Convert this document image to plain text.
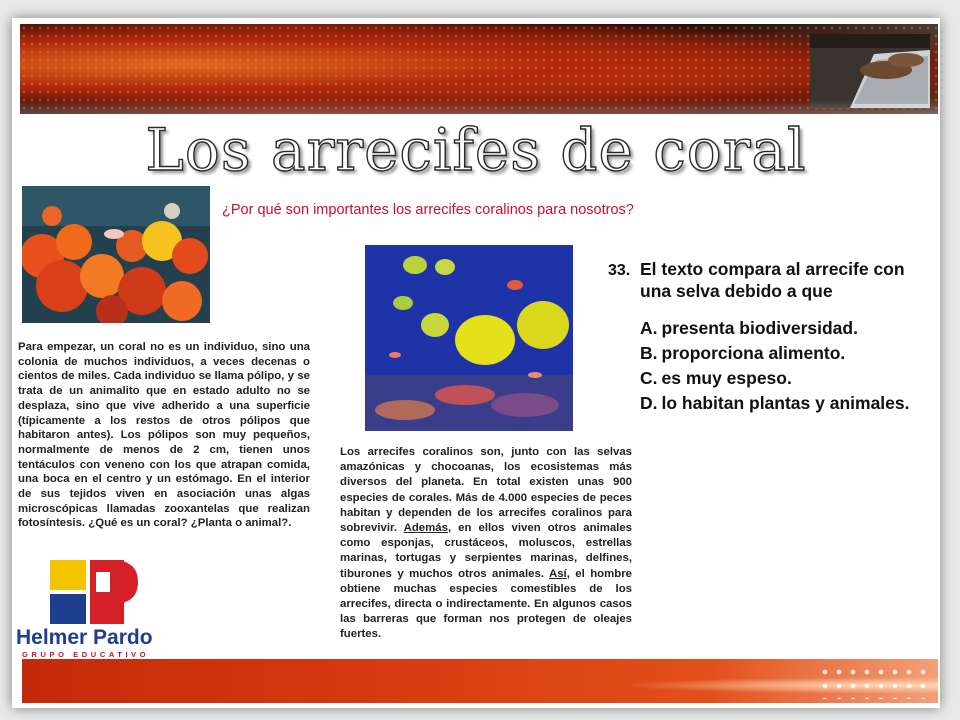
Los arrecifes de coral
¿Por qué son importantes los arrecifes coralinos para nosotros?

Para empezar, un coral no es un individuo, sino una colonia de muchos individuos, a veces decenas o cientos de miles. Cada individuo se llama pólipo, y se trata de un animalito que en estado adulto no se desplaza, sino que vive adherido a una superficie (típicamente a los restos de otros pólipos que habitaron antes). Los pólipos son muy pequeños, normalmente de menos de 2 cm, tienen unos tentáculos con veneno con los que atrapan comida, una boca en el centro y un estómago. En el interior de sus tejidos viven en asociación unas algas microscópicas llamadas zooxantelas que realizan fotosíntesis. ¿Qué es un coral? ¿Planta o animal?.

Los arrecifes coralinos son, junto con las selvas amazónicas y chocoanas, los ecosistemas más diversos del planeta. En total existen unas 900 especies de corales. Más de 4.000 especies de peces habitan y dependen de los arrecifes coralinos para sobrevivir. Además, en ellos viven otros animales como esponjas, crustáceos, moluscos, estrellas marinas, tortugas y serpientes marinas, delfines, tiburones y muchos otros animales. Así, el hombre obtiene muchas especies comestibles de los arrecifes, directa o indirectamente. En algunos casos las barreras que forman nos protegen de oleajes fuertes.

33. El texto compara al arrecife con una selva debido a que

A. presenta biodiversidad.
B. proporciona alimento.
C. es muy espeso.
D. lo habitan plantas y animales.

Helmer Pardo

GRUPO EDUCATIVO
